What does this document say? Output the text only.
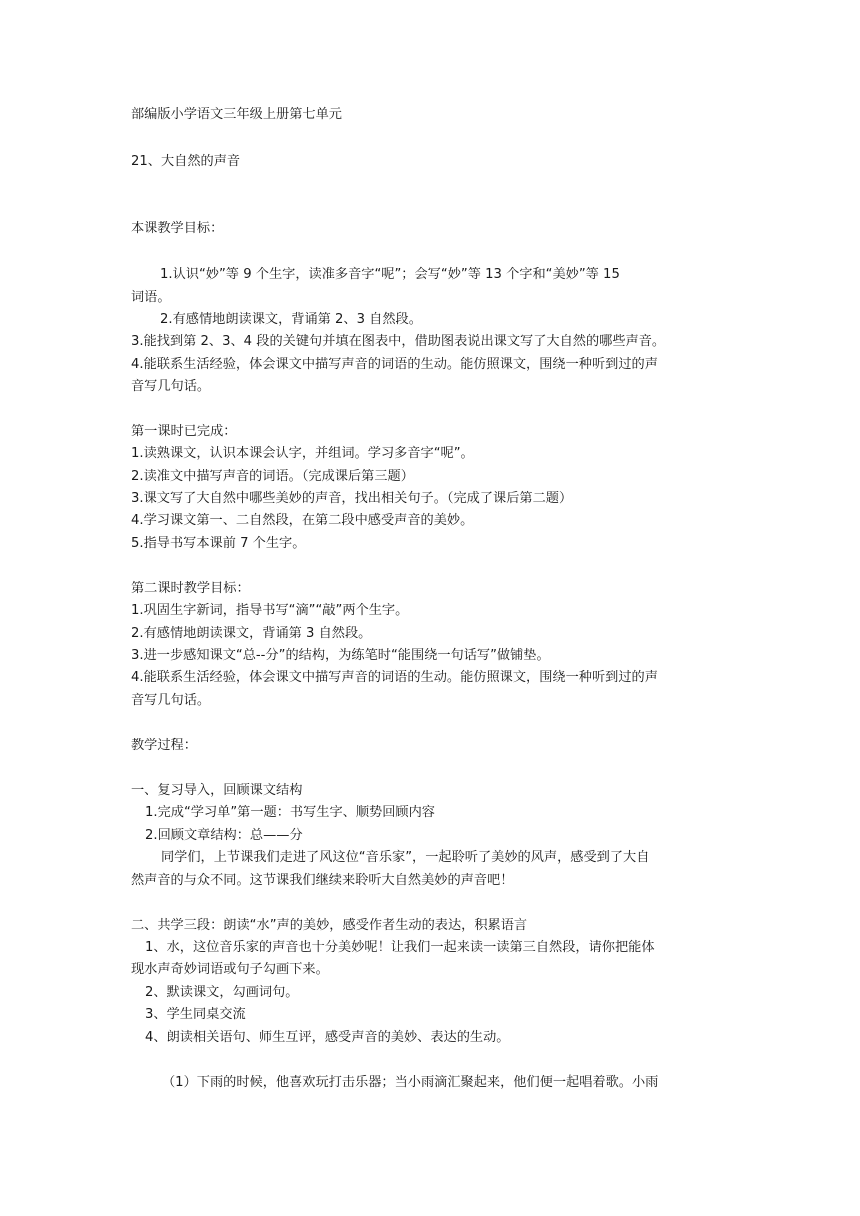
部编版小学语文三年级上册第七单元
21、大自然的声音
本课教学目标：
1.认识“妙”等 9 个生字，读准多音字“呢”；会写“妙”等 13 个字和“美妙”等 15
词语。
2.有感情地朗读课文，背诵第 2、3 自然段。
3.能找到第 2、3、4 段的关键句并填在图表中，借助图表说出课文写了大自然的哪些声音。
4.能联系生活经验，体会课文中描写声音的词语的生动。能仿照课文，围绕一种听到过的声
音写几句话。
第一课时已完成：
1.读熟课文，认识本课会认字，并组词。学习多音字“呢”。
2.读准文中描写声音的词语。（完成课后第三题）
3.课文写了大自然中哪些美妙的声音，找出相关句子。（完成了课后第二题）
4.学习课文第一、二自然段，在第二段中感受声音的美妙。
5.指导书写本课前 7 个生字。
第二课时教学目标：
1.巩固生字新词，指导书写“滴”“敲”两个生字。
2.有感情地朗读课文，背诵第 3 自然段。
3.进一步感知课文“总--分”的结构，为练笔时“能围绕一句话写”做铺垫。
4.能联系生活经验，体会课文中描写声音的词语的生动。能仿照课文，围绕一种听到过的声
音写几句话。
教学过程：
一、复习导入，回顾课文结构
1.完成“学习单”第一题：书写生字、顺势回顾内容
2.回顾文章结构：总——分
同学们，上节课我们走进了风这位“音乐家”，一起聆听了美妙的风声，感受到了大自
然声音的与众不同。这节课我们继续来聆听大自然美妙的声音吧！
二、共学三段：朗读“水”声的美妙，感受作者生动的表达，积累语言
1、水，这位音乐家的声音也十分美妙呢！让我们一起来读一读第三自然段，请你把能体
现水声奇妙词语或句子勾画下来。
2、默读课文，勾画词句。
3、学生同桌交流
4、朗读相关语句、师生互评，感受声音的美妙、表达的生动。
（1）下雨的时候，他喜欢玩打击乐器；当小雨滴汇聚起来，他们便一起唱着歌。小雨
